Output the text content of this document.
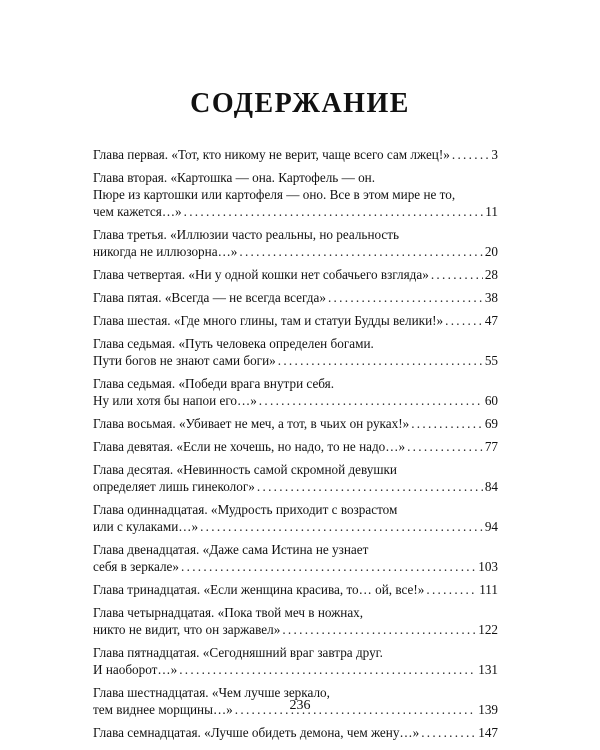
СОДЕРЖАНИЕ
Глава первая. «Тот, кто никому не верит, чаще всего сам лжец!» . . .	3
Глава вторая. «Картошка — она. Картофель — он.
Пюре из картошки или картофеля — оно. Все в этом мире не то,
чем кажется…» . . .	11
Глава третья. «Иллюзии часто реальны, но реальность
никогда не иллюзорна…» . . .	20
Глава четвертая. «Ни у одной кошки нет собачьего взгляда» . . .	28
Глава пятая. «Всегда — не всегда всегда» . . .	38
Глава шестая. «Где много глины, там и статуи Будды велики!» . . .	47
Глава седьмая. «Путь человека определен богами.
Пути богов не знают сами боги» . . .	55
Глава седьмая. «Победи врага внутри себя.
Ну или хотя бы напои его…» . . .	60
Глава восьмая. «Убивает не меч, а тот, в чьих он руках!» . . .	69
Глава девятая. «Если не хочешь, но надо, то не надо…» . . .	77
Глава десятая. «Невинность самой скромной девушки
определяет лишь гинеколог» . . .	84
Глава одиннадцатая. «Мудрость приходит с возрастом
или с кулаками…» . . .	94
Глава двенадцатая. «Даже сама Истина не узнает
себя в зеркале» . . .	103
Глава тринадцатая. «Если женщина красива, то… ой, все!» . . .	111
Глава четырнадцатая. «Пока твой меч в ножнах,
никто не видит, что он заржавел» . . .	122
Глава пятнадцатая. «Сегодняшний враг завтра друг.
И наоборот…» . . .	131
Глава шестнадцатая. «Чем лучше зеркало,
тем виднее морщины…» . . .	139
Глава семнадцатая. «Лучше обидеть демона, чем жену…» . . .	147
236
